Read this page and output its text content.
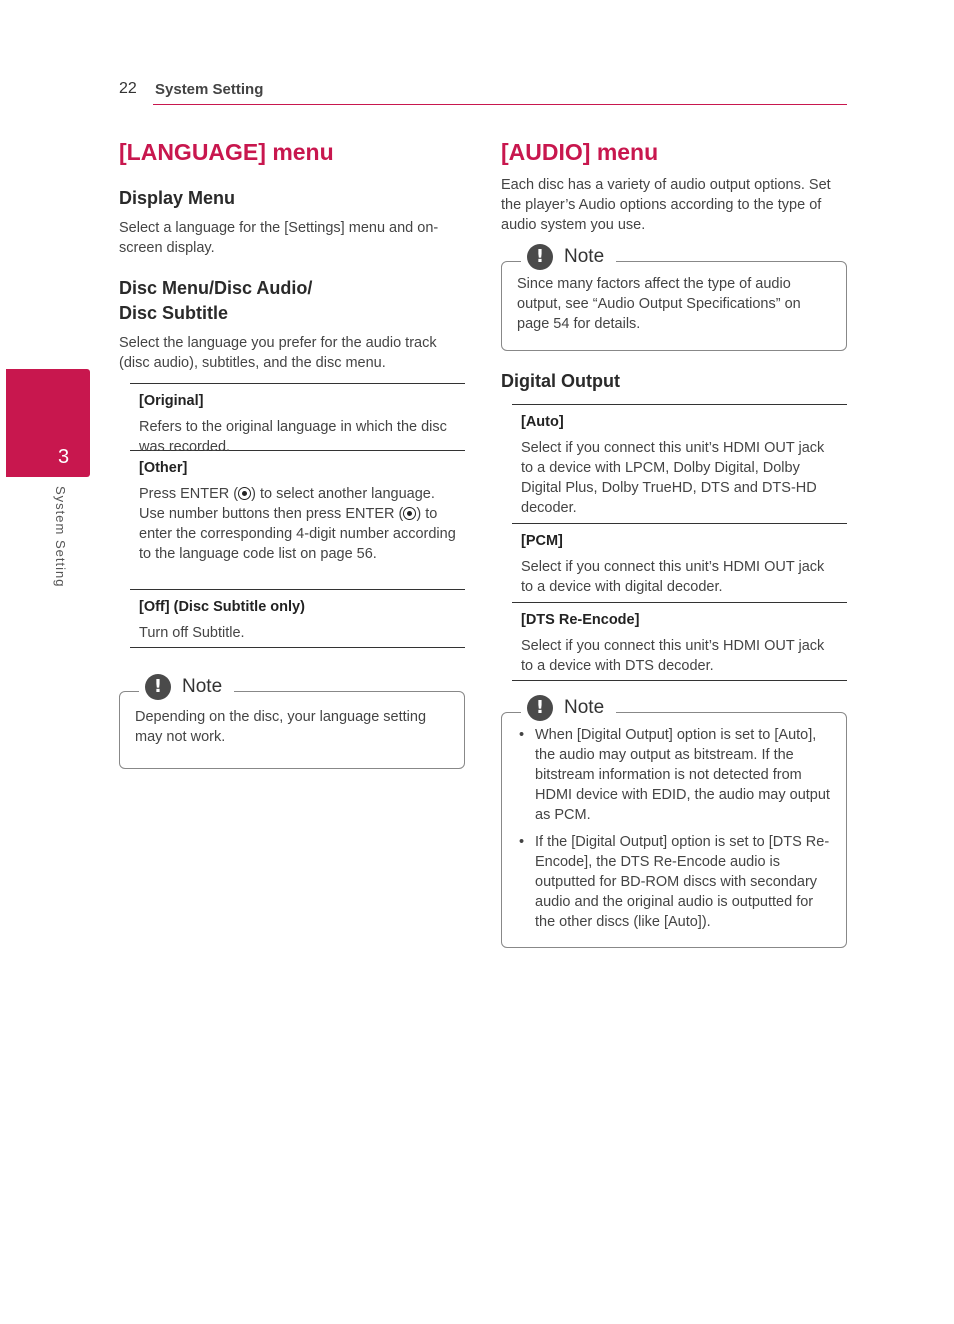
22 System Setting
3
System Setting
[LANGUAGE] menu
Display Menu

Select a language for the [Settings] menu and on-screen display.

Disc Menu/Disc Audio/
Disc Subtitle

Select the language you prefer for the audio track (disc audio), subtitles, and the disc menu.

[Original]
Refers to the original language in which the disc was recorded.
[Other]
Press ENTER ( ) to select another language. Use number buttons then press ENTER ( ) to enter the corresponding 4-digit number according to the language code list on page 56.
[Off] (Disc Subtitle only)
Turn off Subtitle.
!	Note
Depending on the disc, your language setting may not work.
[AUDIO] menu

Each disc has a variety of audio output options. Set the player’s Audio options according to the type of audio system you use.

!	Note
Since many factors affect the type of audio output, see “Audio Output Specifications” on page 54 for details.
Digital Output
[Auto]
Select if you connect this unit’s HDMI OUT jack to a device with LPCM, Dolby Digital, Dolby Digital Plus, Dolby TrueHD, DTS and DTS-HD decoder.
[PCM]
Select if you connect this unit’s HDMI OUT jack to a device with digital decoder.
[DTS Re-Encode]
Select if you connect this unit’s HDMI OUT jack to a device with DTS decoder.
!	Note
• When [Digital Output] option is set to [Auto], the audio may output as bitstream. If the bitstream information is not detected from HDMI device with EDID, the audio may output as PCM.
• If the [Digital Output] option is set to [DTS Re-Encode], the DTS Re-Encode audio is outputted for BD-ROM discs with secondary audio and the original audio is outputted for the other discs (like [Auto]).
